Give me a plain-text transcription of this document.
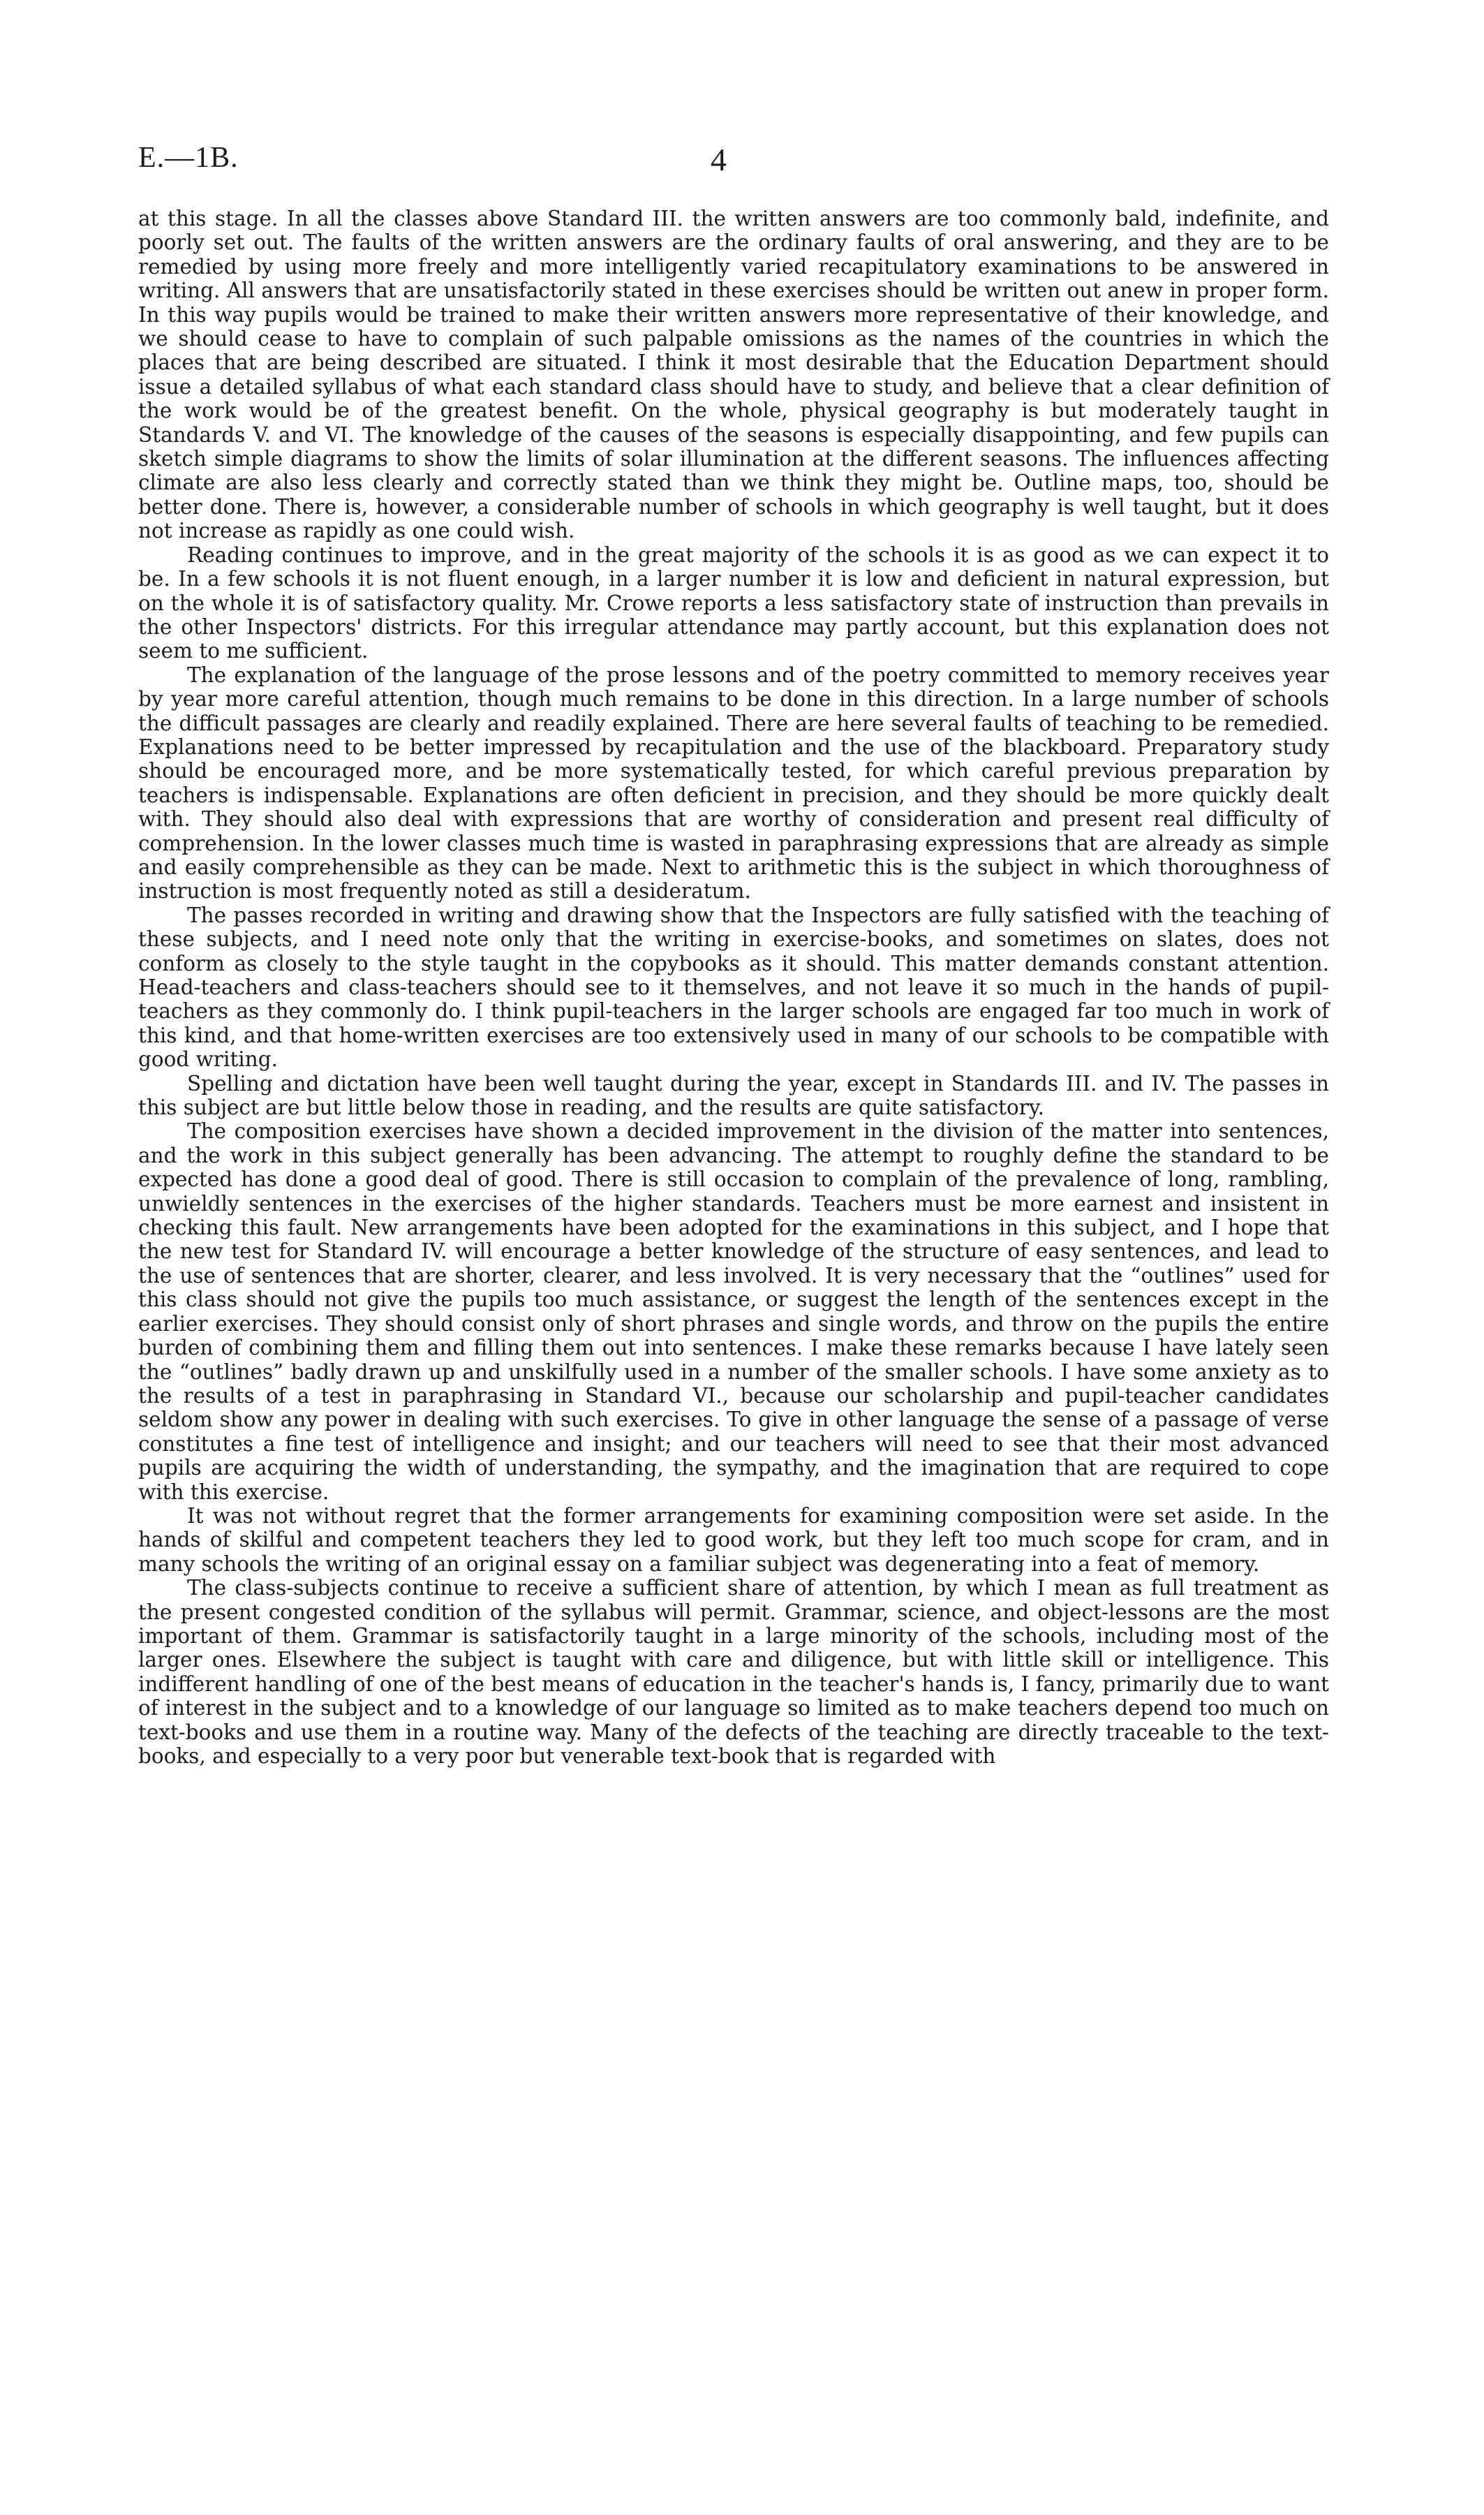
E.—1B.	4

at this stage. In all the classes above Standard III. the written answers are too commonly bald, indefinite, and poorly set out. The faults of the written answers are the ordinary faults of oral answering, and they are to be remedied by using more freely and more intelligently varied recapitulatory examinations to be answered in writing. All answers that are unsatisfactorily stated in these exercises should be written out anew in proper form. In this way pupils would be trained to make their written answers more representative of their knowledge, and we should cease to have to complain of such palpable omissions as the names of the countries in which the places that are being described are situated. I think it most desirable that the Education Department should issue a detailed syllabus of what each standard class should have to study, and believe that a clear definition of the work would be of the greatest benefit. On the whole, physical geography is but moderately taught in Standards V. and VI. The knowledge of the causes of the seasons is especially disappointing, and few pupils can sketch simple diagrams to show the limits of solar illumination at the different seasons. The influences affecting climate are also less clearly and correctly stated than we think they might be. Outline maps, too, should be better done. There is, however, a considerable number of schools in which geography is well taught, but it does not increase as rapidly as one could wish.

Reading continues to improve, and in the great majority of the schools it is as good as we can expect it to be. In a few schools it is not fluent enough, in a larger number it is low and deficient in natural expression, but on the whole it is of satisfactory quality. Mr. Crowe reports a less satisfactory state of instruction than prevails in the other Inspectors' districts. For this irregular attendance may partly account, but this explanation does not seem to me sufficient.

The explanation of the language of the prose lessons and of the poetry committed to memory receives year by year more careful attention, though much remains to be done in this direction. In a large number of schools the difficult passages are clearly and readily explained. There are here several faults of teaching to be remedied. Explanations need to be better impressed by recapitulation and the use of the blackboard. Preparatory study should be encouraged more, and be more systematically tested, for which careful previous preparation by teachers is indispensable. Explanations are often deficient in precision, and they should be more quickly dealt with. They should also deal with expressions that are worthy of consideration and present real difficulty of comprehension. In the lower classes much time is wasted in paraphrasing expressions that are already as simple and easily comprehensible as they can be made. Next to arithmetic this is the subject in which thoroughness of instruction is most frequently noted as still a desideratum.

The passes recorded in writing and drawing show that the Inspectors are fully satisfied with the teaching of these subjects, and I need note only that the writing in exercise-books, and sometimes on slates, does not conform as closely to the style taught in the copybooks as it should. This matter demands constant attention. Head-teachers and class-teachers should see to it themselves, and not leave it so much in the hands of pupil-teachers as they commonly do. I think pupil-teachers in the larger schools are engaged far too much in work of this kind, and that home-written exercises are too extensively used in many of our schools to be compatible with good writing.

Spelling and dictation have been well taught during the year, except in Standards III. and IV. The passes in this subject are but little below those in reading, and the results are quite satisfactory.

The composition exercises have shown a decided improvement in the division of the matter into sentences, and the work in this subject generally has been advancing. The attempt to roughly define the standard to be expected has done a good deal of good. There is still occasion to complain of the prevalence of long, rambling, unwieldly sentences in the exercises of the higher standards. Teachers must be more earnest and insistent in checking this fault. New arrangements have been adopted for the examinations in this subject, and I hope that the new test for Standard IV. will encourage a better knowledge of the structure of easy sentences, and lead to the use of sentences that are shorter, clearer, and less involved. It is very necessary that the “outlines” used for this class should not give the pupils too much assistance, or suggest the length of the sentences except in the earlier exercises. They should consist only of short phrases and single words, and throw on the pupils the entire burden of combining them and filling them out into sentences. I make these remarks because I have lately seen the “outlines” badly drawn up and unskilfully used in a number of the smaller schools. I have some anxiety as to the results of a test in paraphrasing in Standard VI., because our scholarship and pupil-teacher candidates seldom show any power in dealing with such exercises. To give in other language the sense of a passage of verse constitutes a fine test of intelligence and insight; and our teachers will need to see that their most advanced pupils are acquiring the width of understanding, the sympathy, and the imagination that are required to cope with this exercise.

It was not without regret that the former arrangements for examining composition were set aside. In the hands of skilful and competent teachers they led to good work, but they left too much scope for cram, and in many schools the writing of an original essay on a familiar subject was degenerating into a feat of memory.

The class-subjects continue to receive a sufficient share of attention, by which I mean as full treatment as the present congested condition of the syllabus will permit. Grammar, science, and object-lessons are the most important of them. Grammar is satisfactorily taught in a large minority of the schools, including most of the larger ones. Elsewhere the subject is taught with care and diligence, but with little skill or intelligence. This indifferent handling of one of the best means of education in the teacher's hands is, I fancy, primarily due to want of interest in the subject and to a knowledge of our language so limited as to make teachers depend too much on text-books and use them in a routine way. Many of the defects of the teaching are directly traceable to the text-books, and especially to a very poor but venerable text-book that is regarded with
